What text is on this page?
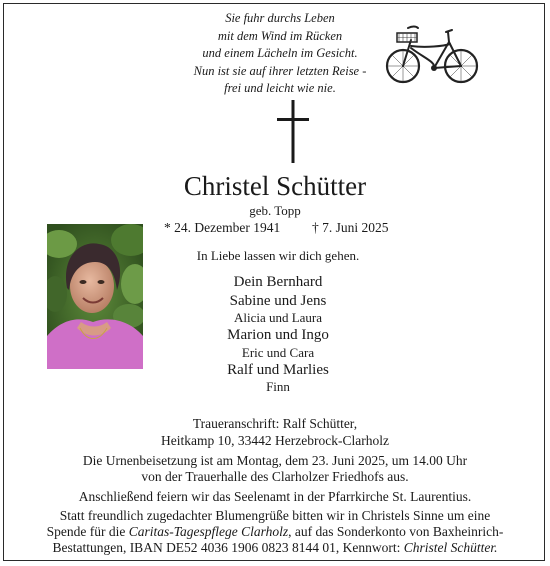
Sie fuhr durchs Leben
mit dem Wind im Rücken
und einem Lächeln im Gesicht.
Nun ist sie auf ihrer letzten Reise -
frei und leicht wie nie.
Christel Schütter
geb. Topp
* 24. Dezember 1941 † 7. Juni 2025
In Liebe lassen wir dich gehen.
Dein Bernhard
Sabine und Jens
Alicia und Laura
Marion und Ingo
Eric und Cara
Ralf und Marlies
Finn
Traueranschrift: Ralf Schütter,
Heitkamp 10, 33442 Herzebrock-Clarholz
Die Urnenbeisetzung ist am Montag, dem 23. Juni 2025, um 14.00 Uhr
von der Trauerhalle des Clarholzer Friedhofs aus.
Anschließend feiern wir das Seelenamt in der Pfarrkirche St. Laurentius.
Statt freundlich zugedachter Blumengrüße bitten wir in Christels Sinne um eine
Spende für die Caritas-Tagespflege Clarholz, auf das Sonderkonto von Baxheinrich-
Bestattungen, IBAN DE52 4036 1906 0823 8144 01, Kennwort: Christel Schütter.
